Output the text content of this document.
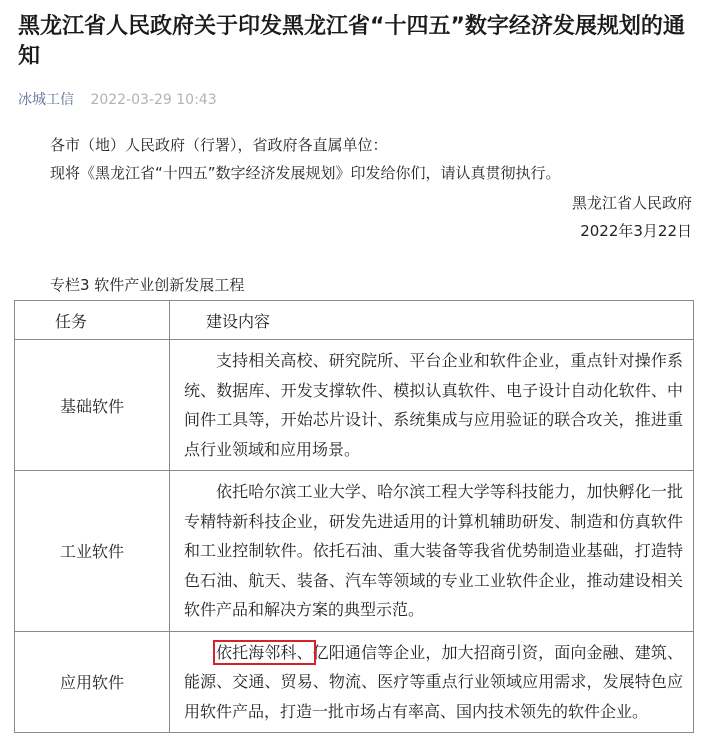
黑龙江省人民政府关于印发黑龙江省“十四五”数字经济发展规划的通知
冰城工信 2022-03-29 10:43
各市（地）人民政府（行署），省政府各直属单位：
现将《黑龙江省“十四五”数字经济发展规划》印发给你们，请认真贯彻执行。
黑龙江省人民政府
2022年3月22日
专栏3 软件产业创新发展工程
任务	建设内容
基础软件	支持相关高校、研究院所、平台企业和软件企业，重点针对操作系统、数据库、开发支撑软件、模拟认真软件、电子设计自动化软件、中间件工具等，开始芯片设计、系统集成与应用验证的联合攻关，推进重点行业领域和应用场景。
工业软件	依托哈尔滨工业大学、哈尔滨工程大学等科技能力，加快孵化一批专精特新科技企业，研发先进适用的计算机辅助研发、制造和仿真软件和工业控制软件。依托石油、重大装备等我省优势制造业基础，打造特色石油、航天、装备、汽车等领域的专业工业软件企业，推动建设相关软件产品和解决方案的典型示范。
应用软件	依托海邻科、亿阳通信等企业，加大招商引资，面向金融、建筑、能源、交通、贸易、物流、医疗等重点行业领域应用需求，发展特色应用软件产品，打造一批市场占有率高、国内技术领先的软件企业。
